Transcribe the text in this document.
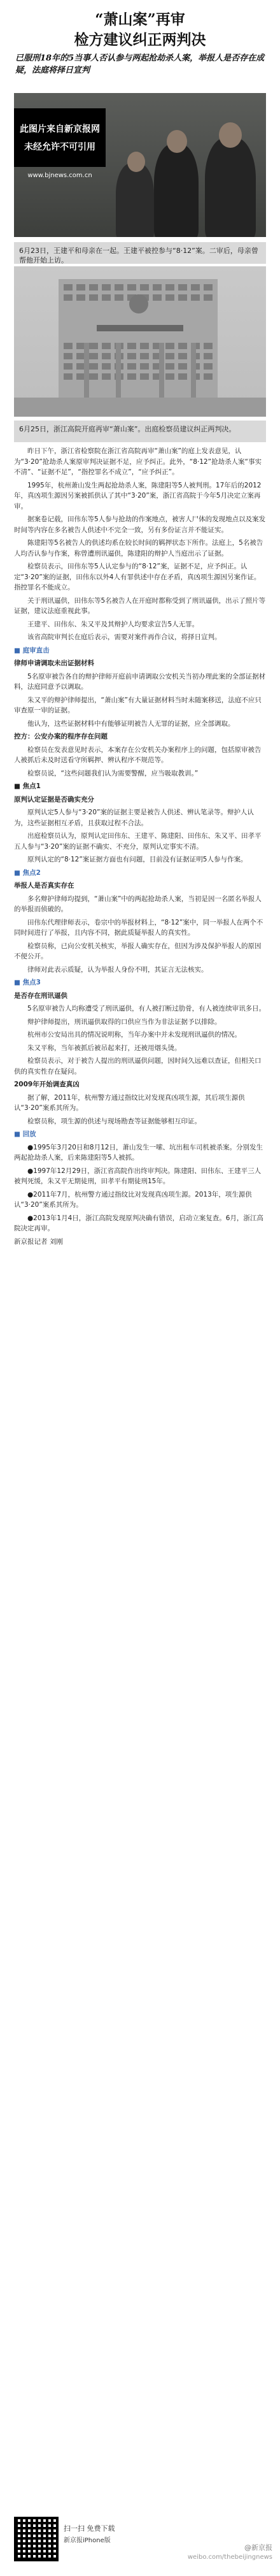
“萧山案”再审
检方建议纠正两判决
已服刑18年的5当事人否认参与两起抢劫杀人案，举报人是否存在成疑，法庭将择日宣判
此图片来自新京报网
未经允许不可引用
www.bjnews.com.cn
6月23日，王建平和母亲在一起。王建平被控参与“8·12”案。二审后，母亲曾帮他开始上访。
6月25日，浙江高院开庭再审“萧山案”。出庭检察员建议纠正两判决。

昨日下午，浙江省检察院在浙江省高院再审“萧山案”的庭上发表意见，认为“3·20”抢劫杀人案原审判决证据不足，应予纠正。此外，“8·12”抢劫杀人案“事实不清”、“证据不足”，“指控罪名不成立”，“应予纠正”。

1995年，杭州萧山发生两起抢劫杀人案，陈建阳等5人被判刑。17年后的2012年，真凶项生源因另案被抓供认了其中“3·20”案，浙江省高院于今年5月决定立案再审。

据案卷记载，田伟东等5人参与抢劫的作案地点，被害人尸体的发现地点以及案发时间等内容在多名被告人供述中不完全一致，另有多份证言并不能证实。

陈建阳等5名被告人的供述均系在较长时间的羁押状态下所作。法庭上，5名被告人均否认参与作案，称曾遭刑讯逼供，陈建阳的辩护人当庭出示了证据。

检察员表示，田伟东等5人认定参与的“8·12”案，证据不足，应予纠正。认定“3·20”案的证据，田伟东以外4人有罪供述中存在矛盾，真凶项生源因另案作证。指控罪名不能成立。

关于刑讯逼供，田伟东等5名被告人在开庭时都称受到了刑讯逼供，出示了照片等证据，建议法庭重视此事。

王建平、田伟东、朱又平及其辩护人均要求宣告5人无罪。

该省高院审判长在庭后表示，需要对案件再作合议，将择日宣判。

■ 庭审直击

律师申请调取未出证据材料

5名原审被告各自的辩护律师开庭前申请调取公安机关当初办理此案的全部证据材料，法庭同意予以调取。

朱又平的辩护律师提出，“萧山案”有大量证据材料当时未随案移送，法庭不应只审查原一审的证据。

他认为，这些证据材料中有能够证明被告人无罪的证据，应全部调取。

控方：公安办案的程序存在问题

检察员在发表意见时表示，本案存在公安机关办案程序上的问题，包括原审被告人被抓后未及时送看守所羁押、辨认程序不规范等。

检察员说，“这些问题我们认为需要警醒，应当吸取教训。”

■ 焦点1

原判认定证据是否确实充分

原判认定5人参与“3·20”案的证据主要是被告人供述、辨认笔录等。辩护人认为，这些证据相互矛盾，且获取过程不合法。

出庭检察员认为，原判认定田伟东、王建平、陈建阳、田伟东、朱又平、田孝平五人参与“3·20”案的证据不确实、不充分，原判认定事实不清。

原判认定的“8·12”案证据方面也有问题，目前没有证据证明5人参与作案。

■ 焦点2

举报人是否真实存在

多名辩护律师均提到，“萧山案”中的两起抢劫杀人案，当初是因一名匿名举报人的举报而侦破的。

田伟东代理律师表示，卷宗中的举报材料上，“8·12”案中，同一举报人在两个不同时间进行了举报，且内容不同，据此质疑举报人的真实性。

检察员称，已向公安机关核实，举报人确实存在，但因为涉及保护举报人的原因不便公开。

律师对此表示质疑，认为举报人身份不明，其证言无法核实。

■ 焦点3

是否存在刑讯逼供

5名原审被告人均称遭受了刑讯逼供，有人被打断过肋骨，有人被连续审讯多日。

辩护律师提出，刑讯逼供取得的口供应当作为非法证据予以排除。

杭州市公安局出具的情况说明称，当年办案中并未发现刑讯逼供的情况。

朱又平称，当年被抓后被吊起来打，还被用烟头烫。

检察员表示，对于被告人提出的刑讯逼供问题，因时间久远难以查证，但相关口供的真实性存在疑问。

2009年开始调查真凶

据了解，2011年，杭州警方通过指纹比对发现真凶项生源，其后项生源供认“3·20”案系其所为。

检察员称，项生源的供述与现场勘查等证据能够相互印证。

■ 回放

●1995年3月20日和8月12日，萧山发生一嗦、坑出租车司机被杀案。分别发生两起抢劫杀人案，后来陈建阳等5人被抓。

●1997年12月29日，浙江省高院作出终审判决。陈建阳、田伟东、王建平三人被判死缓，朱又平无期徒刑，田孝平有期徒刑15年。

●2011年7月，杭州警方通过指纹比对发现真凶项生源。2013年，项生源供认“3·20”案系其所为。

●2013年1月4日，浙江高院发现原判决确有错误，启动立案复查。6月，浙江高院决定再审。

新京报记者 刘刚

扫一扫 免费下载
新京报iPhone版
@新京报
weibo.com/thebeijingnews
